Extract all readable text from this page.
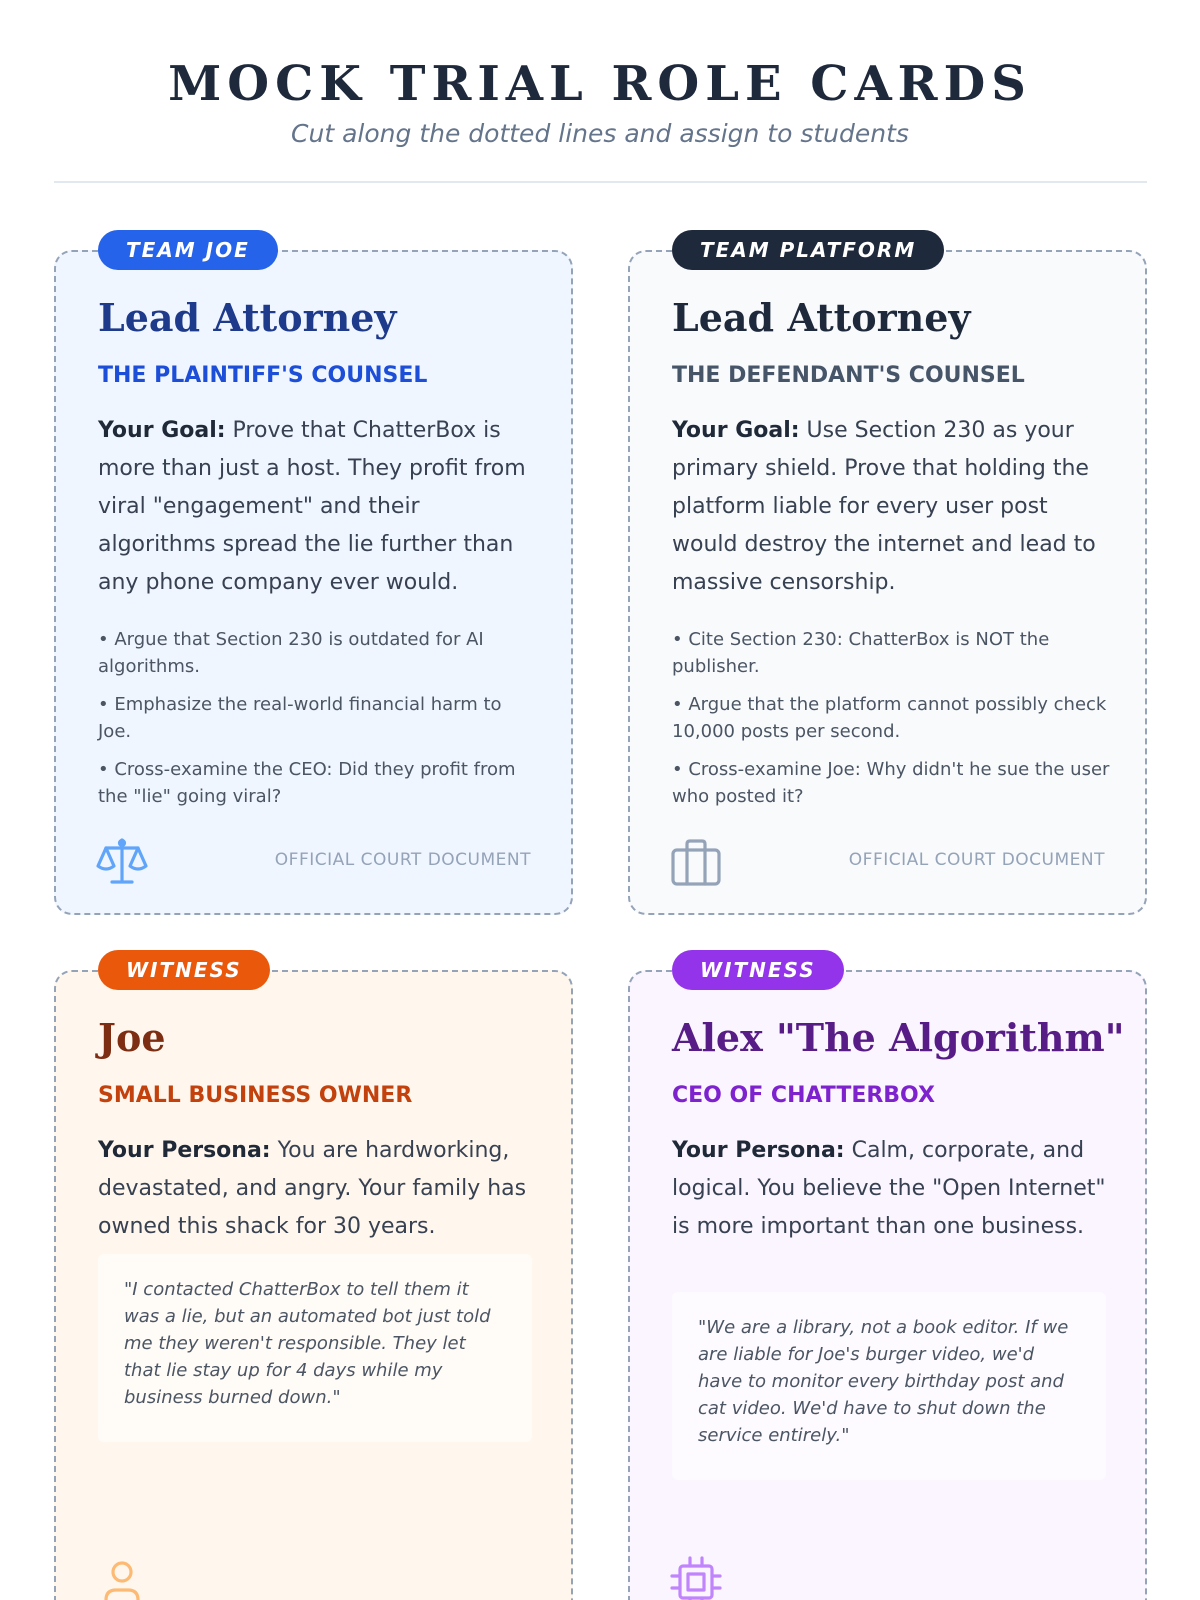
MOCK TRIAL ROLE CARDS

Cut along the dotted lines and assign to students

TEAM JOE
Lead Attorney
THE PLAINTIFF'S COUNSEL

Your Goal: Prove that ChatterBox is more than just a host. They profit from viral "engagement" and their algorithms spread the lie further than any phone company ever would.

• Argue that Section 230 is outdated for AI algorithms.
• Emphasize the real-world financial harm to Joe.
• Cross-examine the CEO: Did they profit from the "lie" going viral?
OFFICIAL COURT DOCUMENT
TEAM PLATFORM
Lead Attorney
THE DEFENDANT'S COUNSEL

Your Goal: Use Section 230 as your primary shield. Prove that holding the platform liable for every user post would destroy the internet and lead to massive censorship.

• Cite Section 230: ChatterBox is NOT the publisher.
• Argue that the platform cannot possibly check 10,000 posts per second.
• Cross-examine Joe: Why didn't he sue the user who posted it?
OFFICIAL COURT DOCUMENT
WITNESS
Joe
SMALL BUSINESS OWNER

Your Persona: You are hardworking, devastated, and angry. Your family has owned this shack for 30 years.

"I contacted ChatterBox to tell them it was a lie, but an automated bot just told me they weren't responsible. They let that lie stay up for 4 days while my business burned down."
WITNESS
Alex "The Algorithm"
CEO OF CHATTERBOX

Your Persona: Calm, corporate, and logical. You believe the "Open Internet" is more important than one business.

"We are a library, not a book editor. If we are liable for Joe's burger video, we'd have to monitor every birthday post and cat video. We'd have to shut down the service entirely."
